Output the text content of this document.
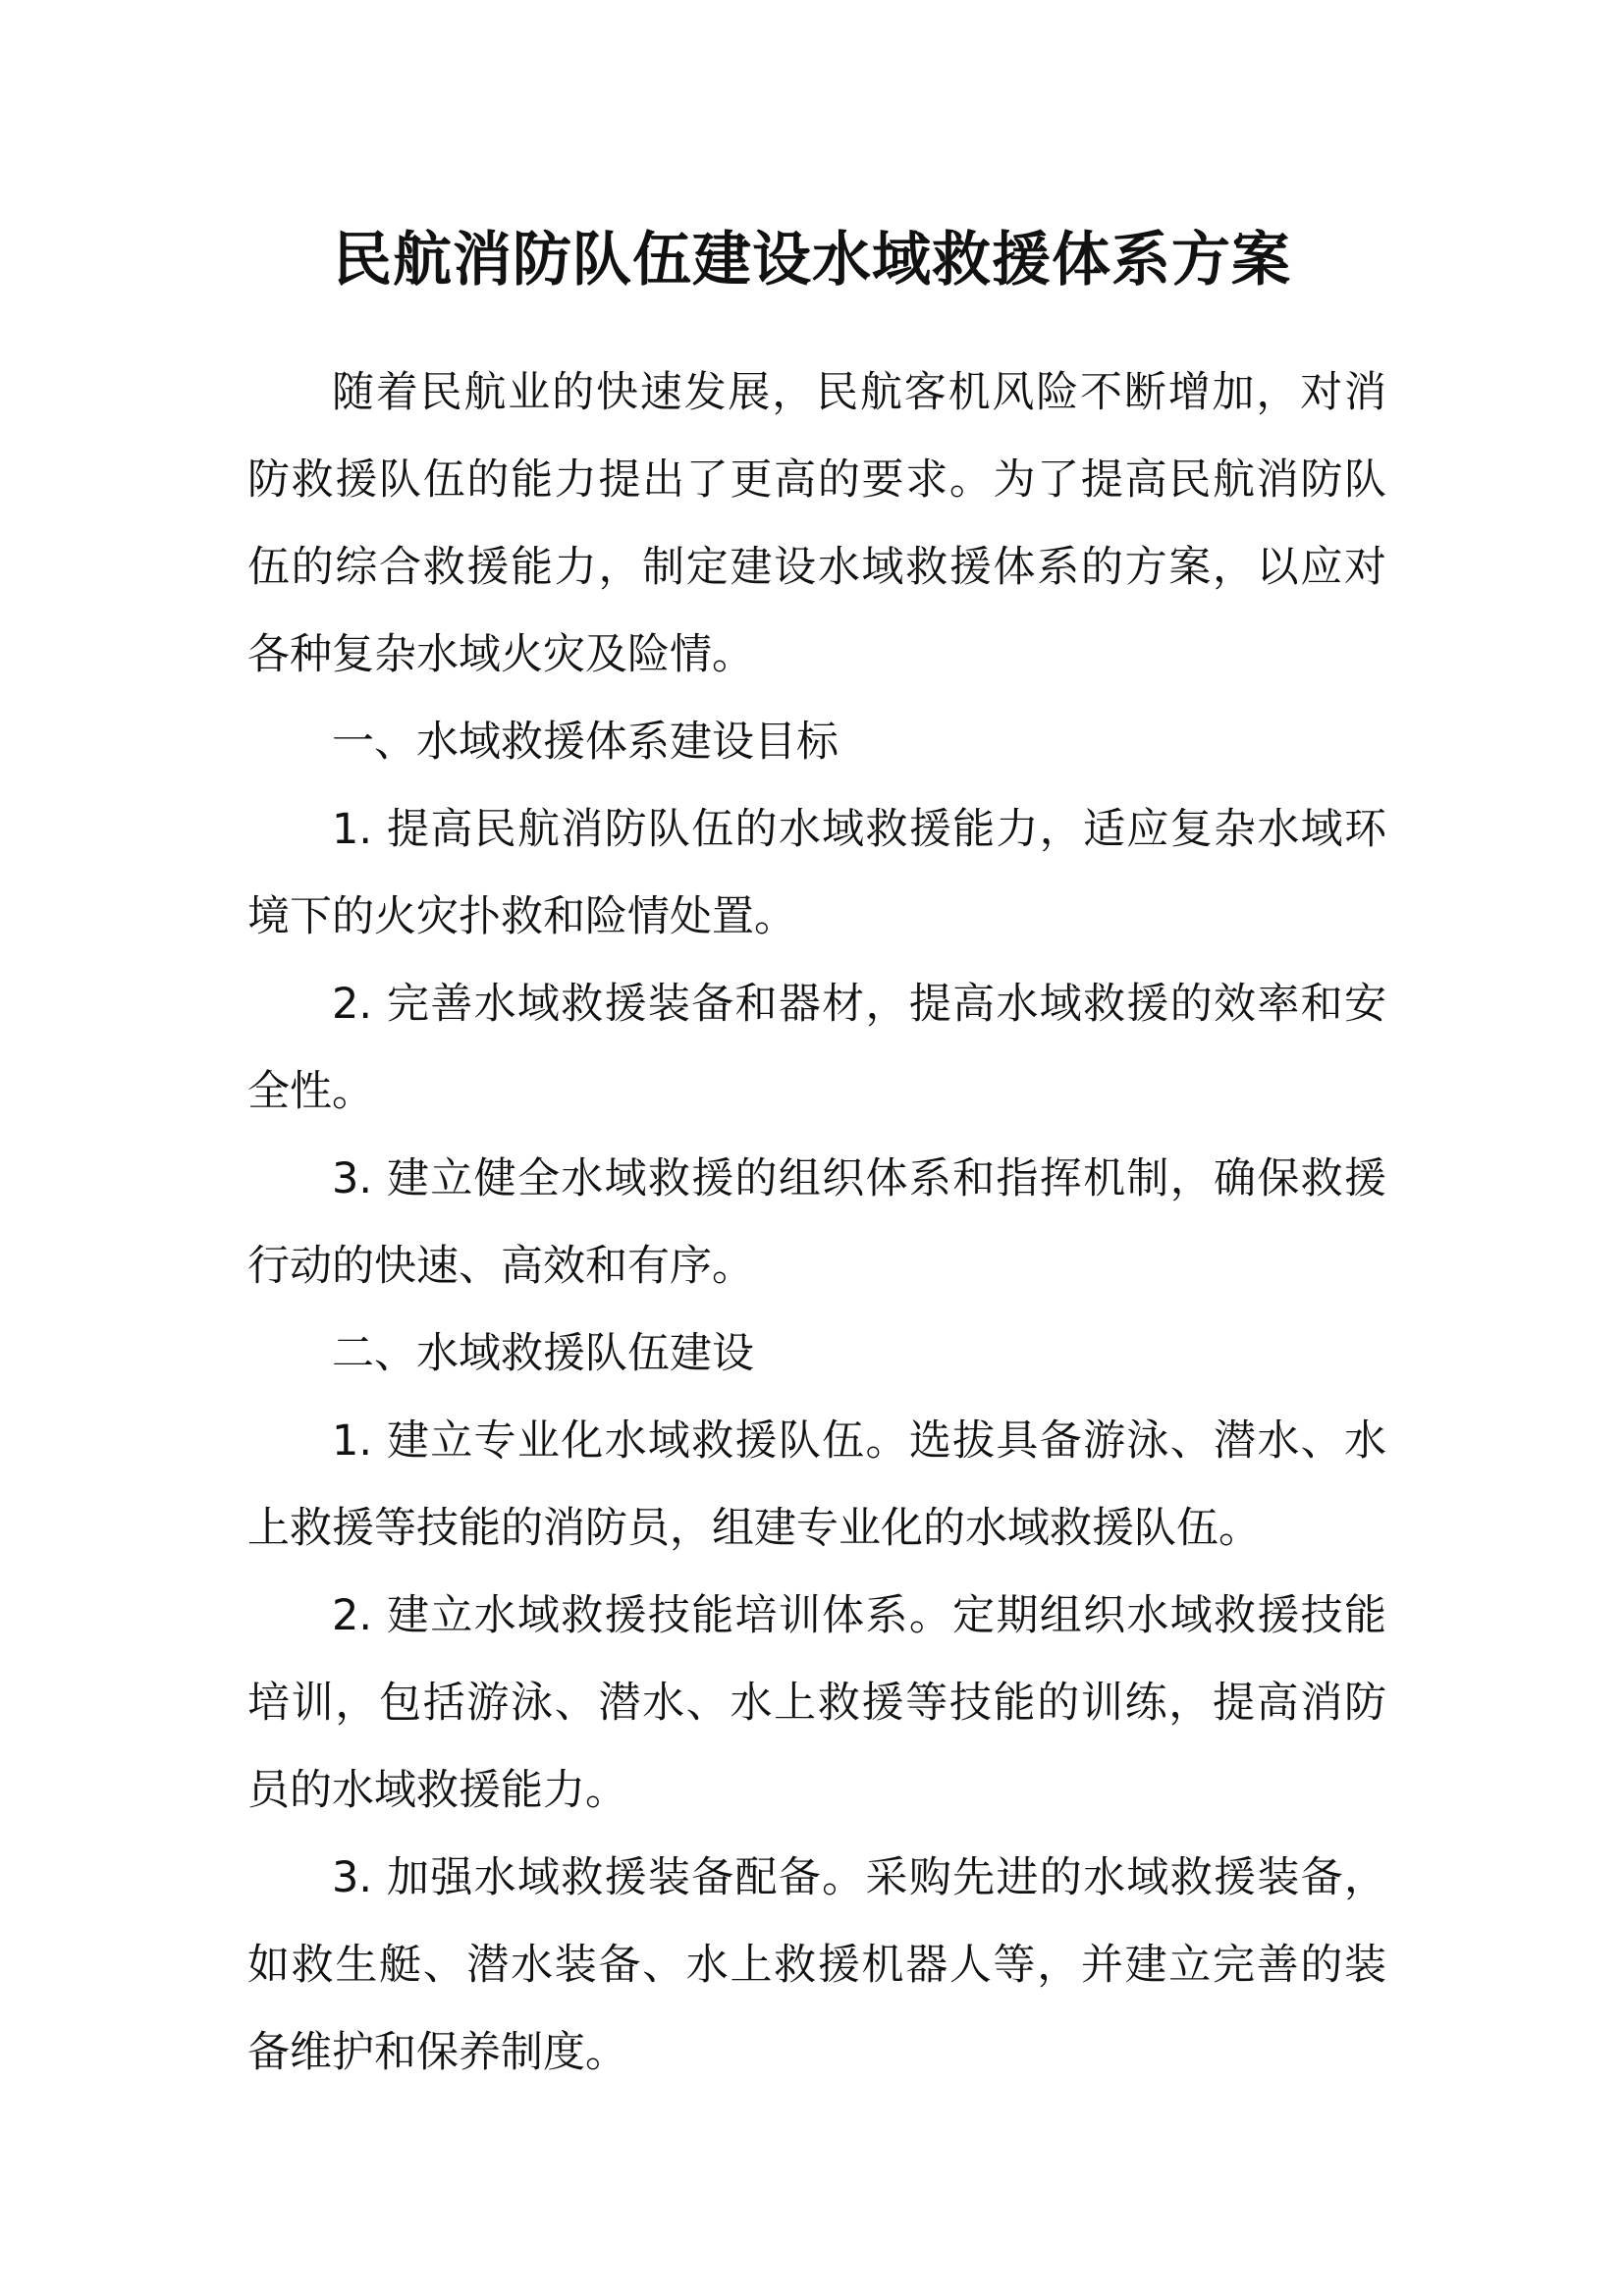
民航消防队伍建设水域救援体系方案

随着民航业的快速发展，民航客机风险不断增加，对消防救援队伍的能力提出了更高的要求。为了提高民航消防队伍的综合救援能力，制定建设水域救援体系的方案，以应对各种复杂水域火灾及险情。

一、水域救援体系建设目标

1. 提高民航消防队伍的水域救援能力，适应复杂水域环境下的火灾扑救和险情处置。

2. 完善水域救援装备和器材，提高水域救援的效率和安全性。

3. 建立健全水域救援的组织体系和指挥机制，确保救援行动的快速、高效和有序。

二、水域救援队伍建设

1. 建立专业化水域救援队伍。选拔具备游泳、潜水、水上救援等技能的消防员，组建专业化的水域救援队伍。

2. 建立水域救援技能培训体系。定期组织水域救援技能培训，包括游泳、潜水、水上救援等技能的训练，提高消防员的水域救援能力。

3. 加强水域救援装备配备。采购先进的水域救援装备，如救生艇、潜水装备、水上救援机器人等，并建立完善的装备维护和保养制度。
